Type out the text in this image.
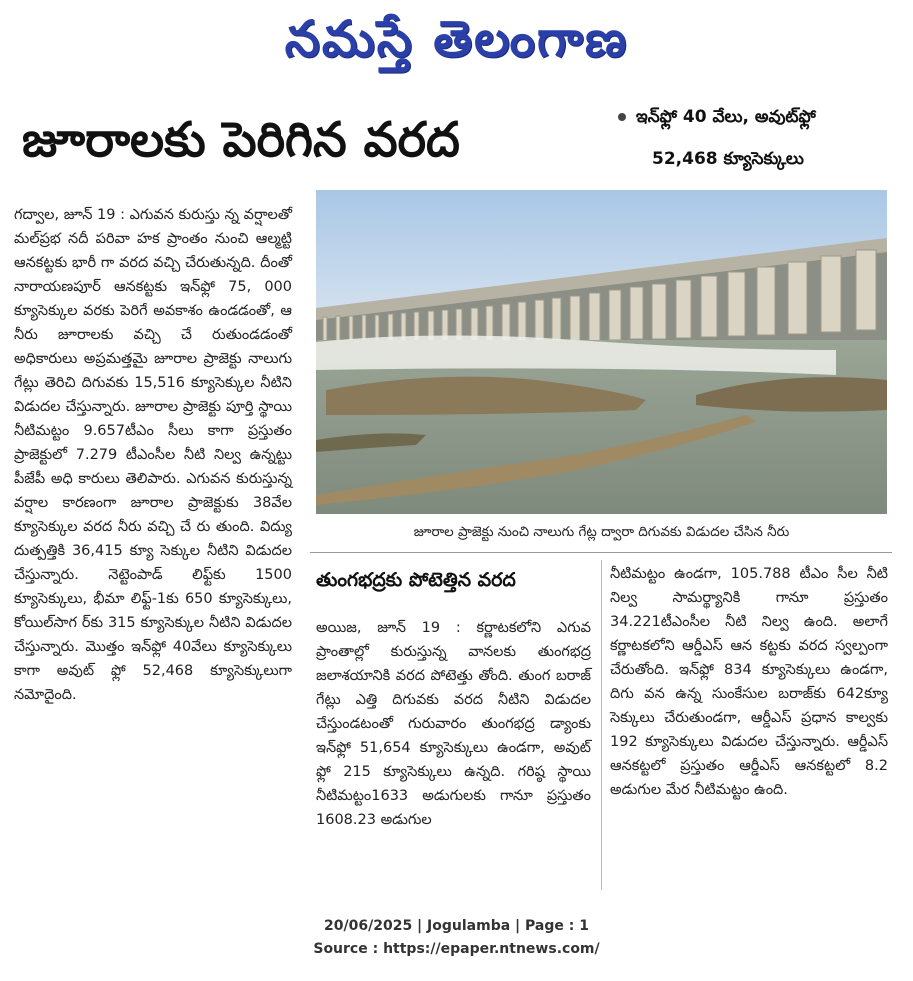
నమస్తే తెలంగాణ
జూరాలకు పెరిగిన వరద	ఇన్‌ఫ్లో 40 వేలు, అవుట్‌ఫ్లో
52,468 క్యూసెక్కులు

గద్వాల, జూన్ 19 : ఎగువన కురుస్తు న్న వర్షాలతో మల్‌ప్రభ నదీ పరివా హక ప్రాంతం నుంచి ఆల్మట్టి ఆనకట్టకు భారీ గా వరద వచ్చి చేరుతున్నది. దీంతో నారాయణపూర్ ఆనకట్టకు ఇన్‌ఫ్లో 75, 000 క్యూసెక్కుల వరకు పెరిగే అవకాశం ఉండడంతో, ఆ నీరు జూరాలకు వచ్చి చే రుతుండడంతో అధికారులు అప్రమత్తమై జూరాల ప్రాజెక్టు నాలుగు గేట్లు తెరిచి దిగువకు 15,516 క్యూసెక్కుల నీటిని విడుదల చేస్తున్నారు. జూరాల ప్రాజెక్టు పూర్తి స్థాయి నీటిమట్టం 9.657టీఎం సీలు కాగా ప్రస్తుతం ప్రాజెక్టులో 7.279 టీఎంసీల నీటి నిల్వ ఉన్నట్టు పీజేపీ అధి కారులు తెలిపారు. ఎగువన కురుస్తున్న వర్షాల కారణంగా జూరాల ప్రాజెక్టుకు 38వేల క్యూసెక్కుల వరద నీరు వచ్చి చే రు తుంది. విద్యు దుత్పత్తికి 36,415 క్యూ సెక్కుల నీటిని విడుదల చేస్తున్నారు. నెట్టెంపాడ్ లిఫ్ట్‌కు 1500 క్యూసెక్కులు, భీమా లిఫ్ట్-1కు 650 క్యూసెక్కులు, కోయిల్‌సాగ ర్‌కు 315 క్యూసెక్కుల నీటిని విడుదల చేస్తున్నారు. మొత్తం ఇన్‌ఫ్లో 40వేలు క్యూసెక్కులు కాగా అవుట్ ఫ్లో 52,468 క్యూసెక్కులుగా నమోదైంది.

జూరాల ప్రాజెక్టు నుంచి నాలుగు గేట్ల ద్వారా దిగువకు విడుదల చేసిన నీరు
తుంగభద్రకు పోటెత్తిన వరద

అయిజ, జూన్ 19 : కర్ణాటకలోని ఎగువ ప్రాంతాల్లో కురుస్తున్న వానలకు తుంగభద్ర జలాశయానికి వరద పోటెత్తు తోంది. తుంగ బరాజ్ గేట్లు ఎత్తి దిగువకు వరద నీటిని విడుదల చేస్తుండటంతో గురువారం తుంగభద్ర డ్యాంకు ఇన్‌ఫ్లో 51,654 క్యూసెక్కులు ఉండగా, అవుట్ ఫ్లో 215 క్యూసెక్కులు ఉన్నది. గరిష్ఠ స్థాయి నీటిమట్టం1633 అడుగులకు గానూ ప్రస్తుతం 1608.23 అడుగుల

నీటిమట్టం ఉండగా, 105.788 టీఎం సీల నీటి నిల్వ సామర్థ్యానికి గానూ ప్రస్తుతం 34.221టీఎంసీల నీటి నిల్వ ఉంది. అలాగే కర్ణాటకలోని ఆర్డీఎస్ ఆన కట్టకు వరద స్వల్పంగా చేరుతోంది. ఇన్‌ఫ్లో 834 క్యూసెక్కులు ఉండగా, దిగు వన ఉన్న సుంకేసుల బరాజ్‌కు 642క్యూ సెక్కులు చేరుతుండగా, ఆర్డీఎస్ ప్రధాన కాల్వకు 192 క్యూసెక్కులు విడుదల చేస్తున్నారు. ఆర్డీఎస్ ఆనకట్టలో ప్రస్తుతం ఆర్డీఎస్ ఆనకట్టలో 8.2 అడుగుల మేర నీటిమట్టం ఉంది.

20/06/2025 | Jogulamba | Page : 1
Source : https://epaper.ntnews.com/
